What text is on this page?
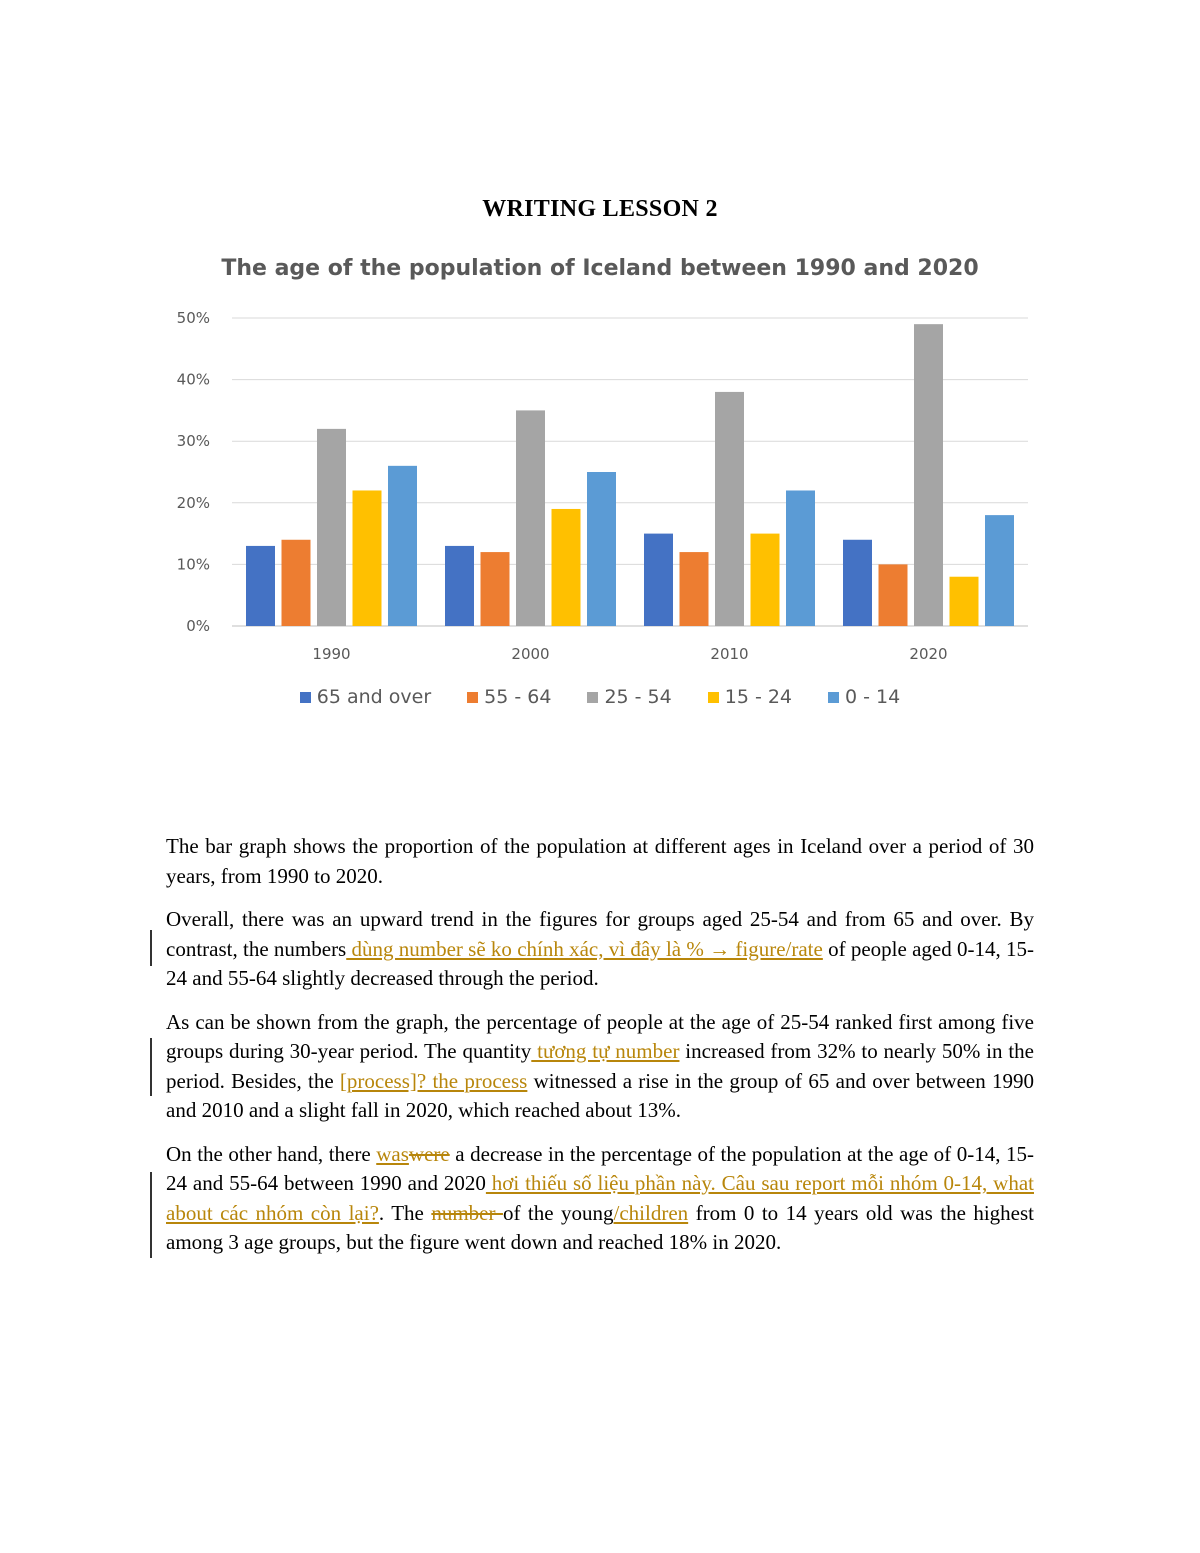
WRITING LESSON 2
The age of the population of Iceland between 1990 and 2020
0%
10%
20%
30%
40%
50%
1990	2000	2010	2020
65 and over	55 - 64	25 - 54	15 - 24	0 - 14

The bar graph shows the proportion of the population at different ages in Iceland over a period of 30 years, from 1990 to 2020.

Overall, there was an upward trend in the figures for groups aged 25-54 and from 65 and over. By contrast, the numbers dùng number sẽ ko chính xác, vì đây là % → figure/rate of people aged 0-14, 15-24 and 55-64 slightly decreased through the period.

As can be shown from the graph, the percentage of people at the age of 25-54 ranked first among five groups during 30-year period. The quantity tương tự number increased from 32% to nearly 50% in the period. Besides, the [process]? the process witnessed a rise in the group of 65 and over between 1990 and 2010 and a slight fall in 2020, which reached about 13%.

On the other hand, there waswere a decrease in the percentage of the population at the age of 0-14, 15-24 and 55-64 between 1990 and 2020 hơi thiếu số liệu phần này. Câu sau report mỗi nhóm 0-14, what about các nhóm còn lại?. The number of the young/children from 0 to 14 years old was the highest among 3 age groups, but the figure went down and reached 18% in 2020.
